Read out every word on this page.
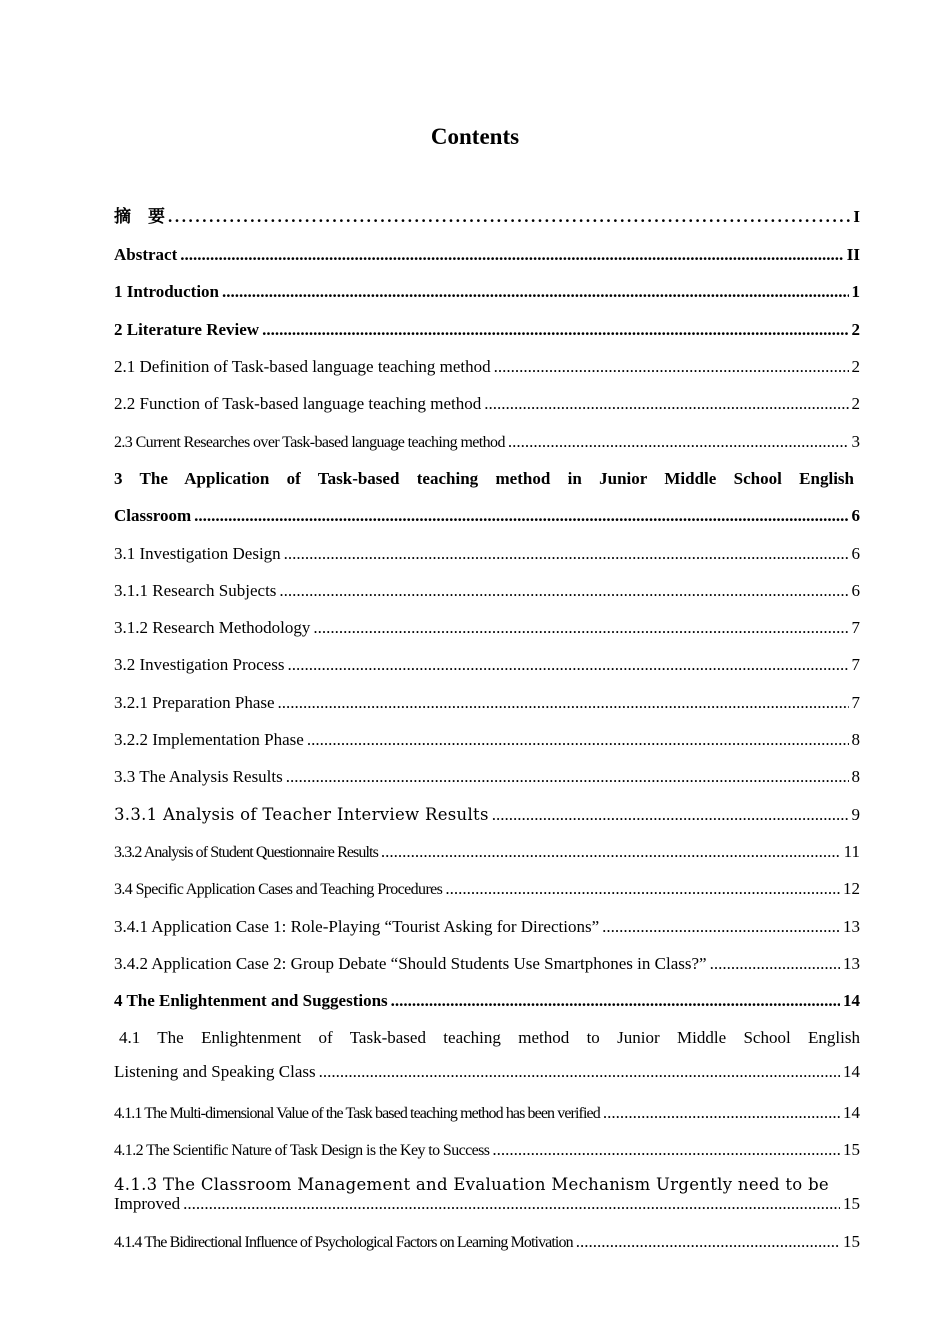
Contents
摘　要 .....	I
Abstract .....	II
1 Introduction .....	1
2 Literature Review .....	2
2.1 Definition of Task-based language teaching method .....	2
2.2 Function of Task-based language teaching method .....	2
2.3 Current Researches over Task-based language teaching method .....	3
3 The Application of Task-based teaching method in Junior Middle School English
Classroom .....	6
3.1 Investigation Design .....	6
3.1.1 Research Subjects .....	6
3.1.2 Research Methodology .....	7
3.2 Investigation Process .....	7
3.2.1 Preparation Phase .....	7
3.2.2 Implementation Phase .....	8
3.3 The Analysis Results .....	8
3.3.1 Analysis of Teacher Interview Results .....	9
3.3.2 Analysis of Student Questionnaire Results .....	11
3.4 Specific Application Cases and Teaching Procedures .....	12
3.4.1 Application Case 1: Role-Playing “Tourist Asking for Directions” .....	13
3.4.2 Application Case 2: Group Debate “Should Students Use Smartphones in Class?” .....	13
4 The Enlightenment and Suggestions .....	14
4.1 The Enlightenment of Task-based teaching method to Junior Middle School English
Listening and Speaking Class .....	14
4.1.1 The Multi-dimensional Value of the Task based teaching method has been verified .....	14
4.1.2 The Scientific Nature of Task Design is the Key to Success .....	15
4.1.3 The Classroom Management and Evaluation Mechanism Urgently need to be
Improved .....	15
4.1.4 The Bidirectional Influence of Psychological Factors on Learning Motivation .....	15
